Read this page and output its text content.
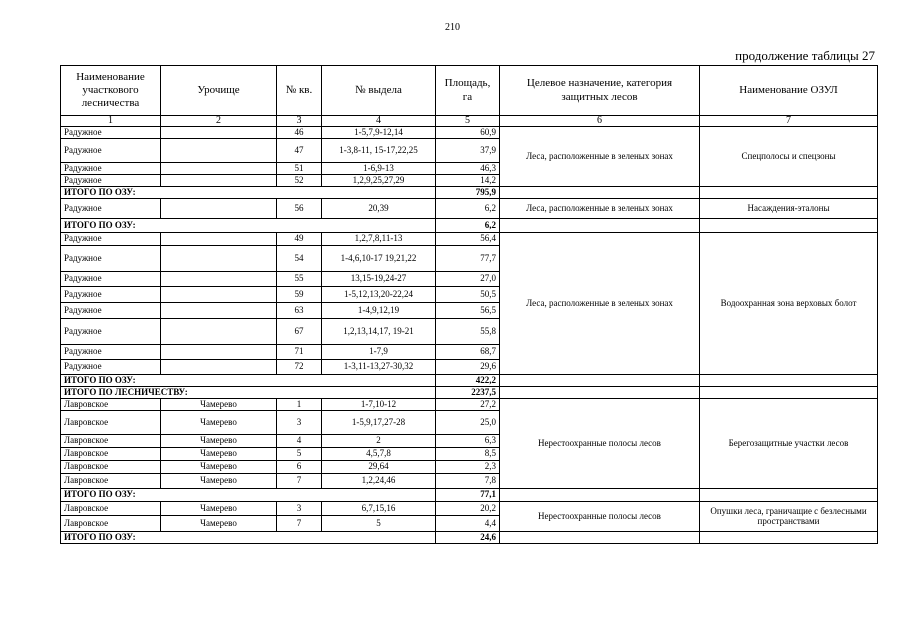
210
продолжение таблицы 27
Наименование участкового лесничества	Урочище	№ кв.	№ выдела	Площадь, га	Целевое назначение, категория защитных лесов	Наименование ОЗУЛ
1	2	3	4	5	6	7
Радужное		46	1-5,7,9-12,14	60,9	Леса, расположенные в зеленых зонах	Спецполосы и спецзоны
Радужное		47	1-3,8-11, 15-17,22,25	37,9		
Радужное		51	1-6,9-13	46,3		
Радужное		52	1,2,9,25,27,29	14,2		
ИТОГО ПО ОЗУ:				795,9		
Радужное		56	20,39	6,2	Леса, расположенные в зеленых зонах	Насаждения-эталоны
ИТОГО ПО ОЗУ:				6,2		
Радужное		49	1,2,7,8,11-13	56,4	Леса, расположенные в зеленых зонах	Водоохранная зона верховых болот
Радужное		54	1-4,6,10-17 19,21,22	77,7		
Радужное		55	13,15-19,24-27	27,0		
Радужное		59	1-5,12,13,20-22,24	50,5		
Радужное		63	1-4,9,12,19	56,5		
Радужное		67	1,2,13,14,17, 19-21	55,8		
Радужное		71	1-7,9	68,7		
Радужное		72	1-3,11-13,27-30,32	29,6		
ИТОГО ПО ОЗУ:				422,2		
ИТОГО ПО ЛЕСНИЧЕСТВУ:				2237,5		
Лавровское	Чамерево	1	1-7,10-12	27,2	Нерестоохранные полосы лесов	Берегозащитные участки лесов
Лавровское	Чамерево	3	1-5,9,17,27-28	25,0		
Лавровское	Чамерево	4	2	6,3		
Лавровское	Чамерево	5	4,5,7,8	8,5		
Лавровское	Чамерево	6	29,64	2,3		
Лавровское	Чамерево	7	1,2,24,46	7,8		
ИТОГО ПО ОЗУ:				77,1		
Лавровское	Чамерево	3	6,7,15,16	20,2	Нерестоохранные полосы лесов	Опушки леса, граничащие с безлесными пространствами
Лавровское	Чамерево	7	5	4,4		
ИТОГО ПО ОЗУ:				24,6		
